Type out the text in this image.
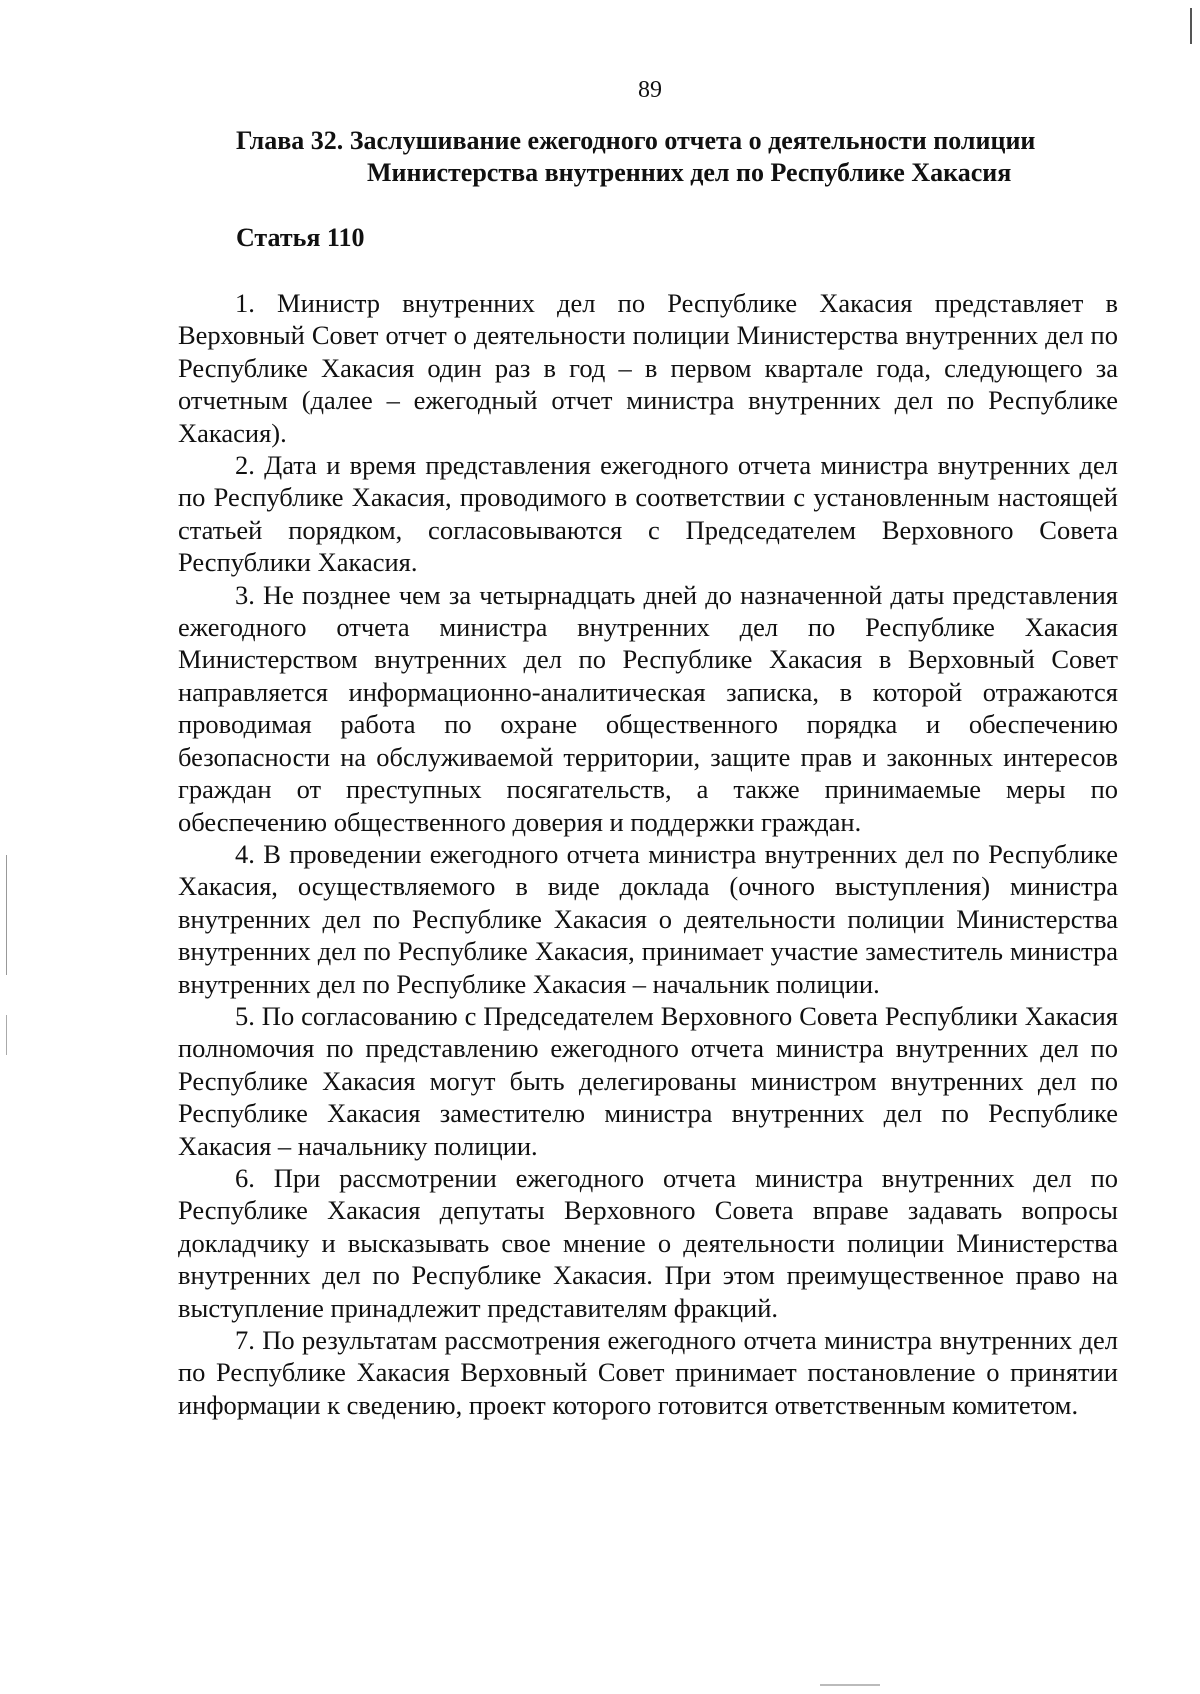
89
Глава 32. Заслушивание ежегодного отчета о деятельности полиции
Министерства внутренних дел по Республике Хакасия
Статья 110

1. Министр внутренних дел по Республике Хакасия представляет в Верховный Совет отчет о деятельности полиции Министерства внутренних дел по Республике Хакасия один раз в год – в первом квартале года, следующего за отчетным (далее – ежегодный отчет министра внутренних дел по Республике Хакасия).

2. Дата и время представления ежегодного отчета министра внутренних дел по Республике Хакасия, проводимого в соответствии с установленным настоящей статьей порядком, согласовываются с Председателем Верховного Совета Республики Хакасия.

3. Не позднее чем за четырнадцать дней до назначенной даты представления ежегодного отчета министра внутренних дел по Республике Хакасия Министерством внутренних дел по Республике Хакасия в Верховный Совет направляется информационно-аналитическая записка, в которой отражаются проводимая работа по охране общественного порядка и обеспечению безопасности на обслуживаемой территории, защите прав и законных интересов граждан от преступных посягательств, а также принимаемые меры по обеспечению общественного доверия и поддержки граждан.

4. В проведении ежегодного отчета министра внутренних дел по Республике Хакасия, осуществляемого в виде доклада (очного выступления) министра внутренних дел по Республике Хакасия о деятельности полиции Министерства внутренних дел по Республике Хакасия, принимает участие заместитель министра внутренних дел по Республике Хакасия – начальник полиции.

5. По согласованию с Председателем Верховного Совета Республики Хакасия полномочия по представлению ежегодного отчета министра внутренних дел по Республике Хакасия могут быть делегированы министром внутренних дел по Республике Хакасия заместителю министра внутренних дел по Республике Хакасия – начальнику полиции.

6. При рассмотрении ежегодного отчета министра внутренних дел по Республике Хакасия депутаты Верховного Совета вправе задавать вопросы докладчику и высказывать свое мнение о деятельности полиции Министерства внутренних дел по Республике Хакасия. При этом преимущественное право на выступление принадлежит представителям фракций.

7. По результатам рассмотрения ежегодного отчета министра внутренних дел по Республике Хакасия Верховный Совет принимает постановление о принятии информации к сведению, проект которого готовится ответственным комитетом.
